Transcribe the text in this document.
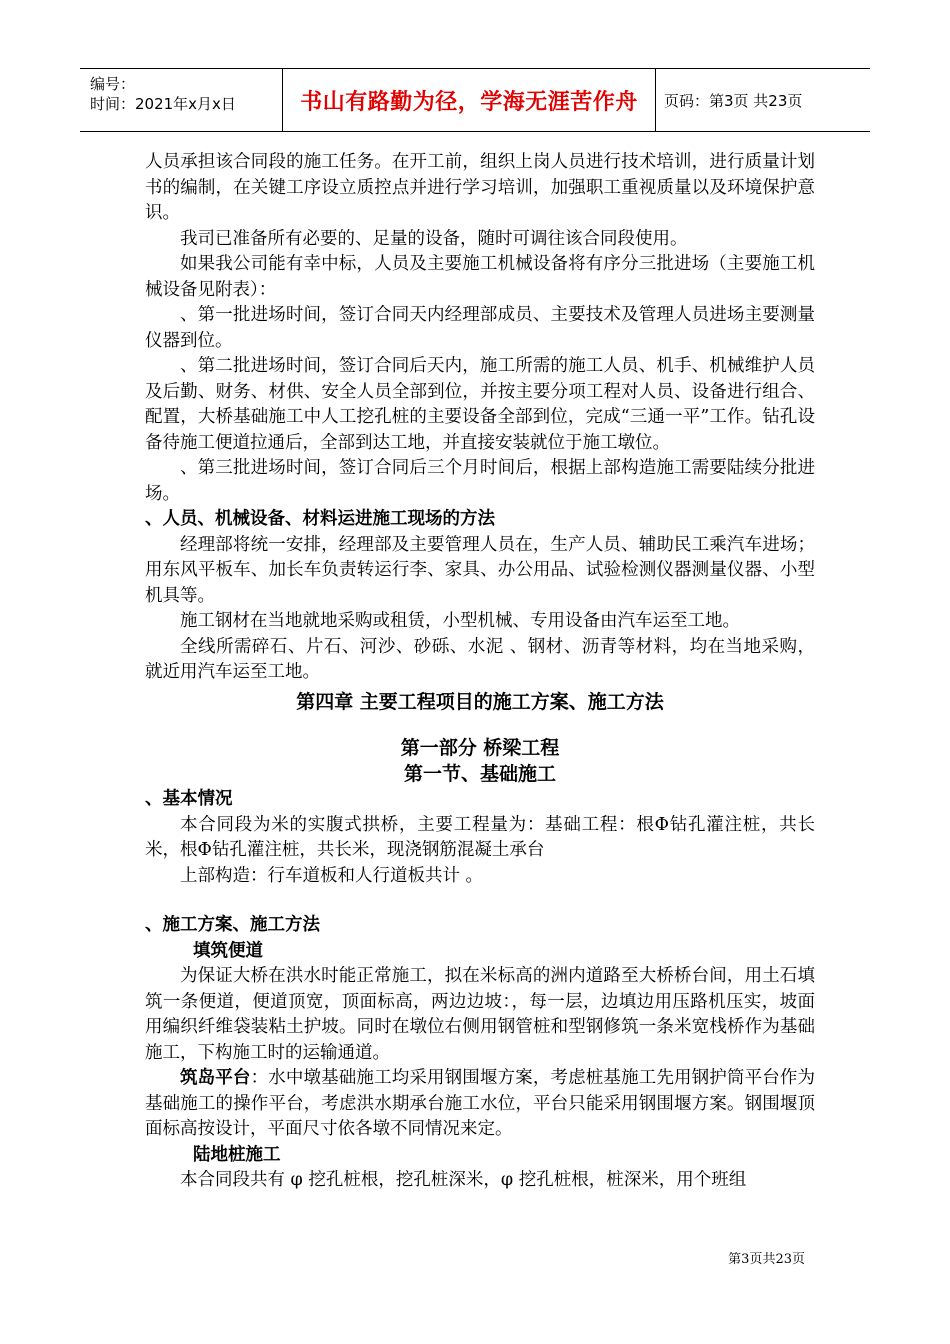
编号：
时间：2021年x月x日	书山有路勤为径，学海无涯苦作舟 页码：第3页 共23页

人员承担该合同段的施工任务。在开工前，组织上岗人员进行技术培训，进行质量计划书的编制，在关键工序设立质控点并进行学习培训，加强职工重视质量以及环境保护意识。

我司已准备所有必要的、足量的设备，随时可调往该合同段使用。

如果我公司能有幸中标，人员及主要施工机械设备将有序分三批进场（主要施工机械设备见附表）：

、第一批进场时间，签订合同天内经理部成员、主要技术及管理人员进场主要测量仪器到位。

、第二批进场时间，签订合同后天内，施工所需的施工人员、机手、机械维护人员及后勤、财务、材供、安全人员全部到位，并按主要分项工程对人员、设备进行组合、配置，大桥基础施工中人工挖孔桩的主要设备全部到位，完成“三通一平”工作。钻孔设备待施工便道拉通后，全部到达工地，并直接安装就位于施工墩位。

、第三批进场时间，签订合同后三个月时间后，根据上部构造施工需要陆续分批进场。

、人员、机械设备、材料运进施工现场的方法

经理部将统一安排，经理部及主要管理人员在，生产人员、辅助民工乘汽车进场；用东风平板车、加长车负责转运行李、家具、办公用品、试验检测仪器测量仪器、小型机具等。

施工钢材在当地就地采购或租赁，小型机械、专用设备由汽车运至工地。

全线所需碎石、片石、河沙、砂砾、水泥 、钢材、沥青等材料，均在当地采购，就近用汽车运至工地。

第四章 主要工程项目的施工方案、施工方法

第一部分 桥梁工程

第一节、基础施工

、基本情况

本合同段为米的实腹式拱桥，主要工程量为：基础工程：根Φ钻孔灌注桩，共长米，根Φ钻孔灌注桩，共长米，现浇钢筋混凝土承台

上部构造：行车道板和人行道板共计 。

、施工方案、施工方法

填筑便道

为保证大桥在洪水时能正常施工，拟在米标高的洲内道路至大桥桥台间，用土石填筑一条便道，便道顶宽，顶面标高，两边边坡：，每一层，边填边用压路机压实，坡面用编织纤维袋装粘土护坡。同时在墩位右侧用钢管桩和型钢修筑一条米宽栈桥作为基础施工，下构施工时的运输通道。

筑岛平台：水中墩基础施工均采用钢围堰方案，考虑桩基施工先用钢护筒平台作为基础施工的操作平台，考虑洪水期承台施工水位，平台只能采用钢围堰方案。钢围堰顶面标高按设计，平面尺寸依各墩不同情况来定。

陆地桩施工

本合同段共有 φ 挖孔桩根，挖孔桩深米，φ 挖孔桩根，桩深米，用个班组

第3页共23页
